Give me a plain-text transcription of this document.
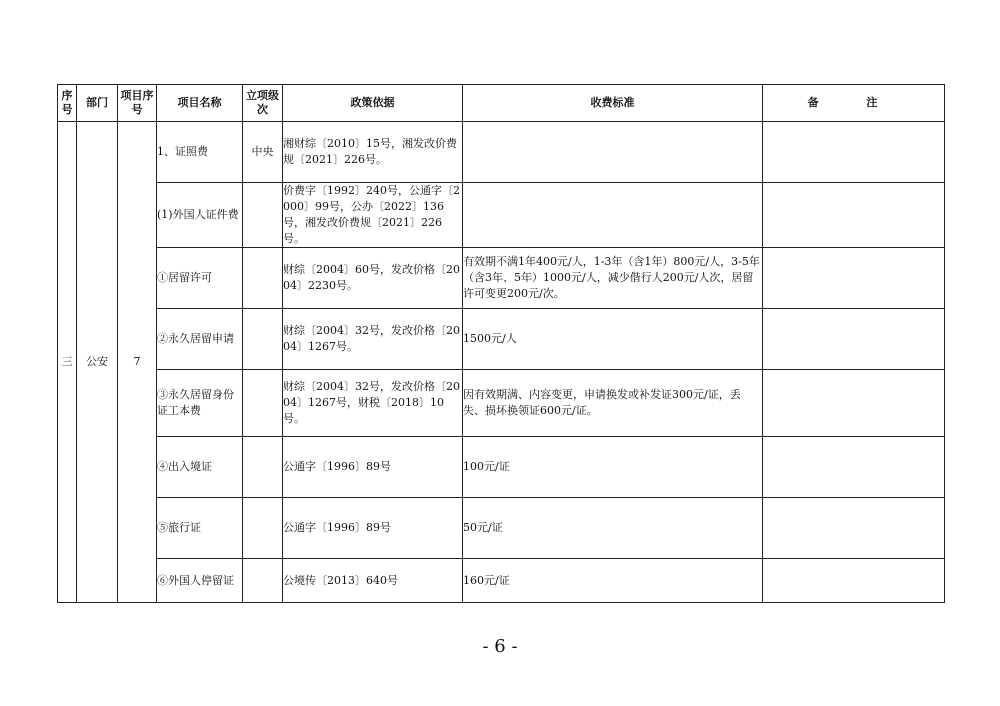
序号	部门	项目序号	项目名称	立项级次	政策依据	收费标准	备 注
三	公安	7	1、证照费	中央	湘财综〔2010〕15号，湘发改价费规〔2021〕226号。		
			(1)外国人证件费		价费字〔1992〕240号，公通字〔2000〕99号，公办〔2022〕136号，湘发改价费规〔2021〕226号。		
			①居留许可		财综〔2004〕60号，发改价格〔2004〕2230号。	有效期不满1年400元/人，1-3年（含1年）800元/人，3-5年（含3年、5年）1000元/人，减少偕行人200元/人次，居留许可变更200元/次。	
			②永久居留申请		财综〔2004〕32号，发改价格〔2004〕1267号。	1500元/人	
			③永久居留身份证工本费		财综〔2004〕32号，发改价格〔2004〕1267号，财税〔2018〕10号。	因有效期满、内容变更，申请换发或补发证300元/证，丢失、损坏换领证600元/证。	
			④出入境证		公通字〔1996〕89号	100元/证	
			⑤旅行证		公通字〔1996〕89号	50元/证	
			⑥外国人停留证		公境传〔2013〕640号	160元/证	
- 6 -
